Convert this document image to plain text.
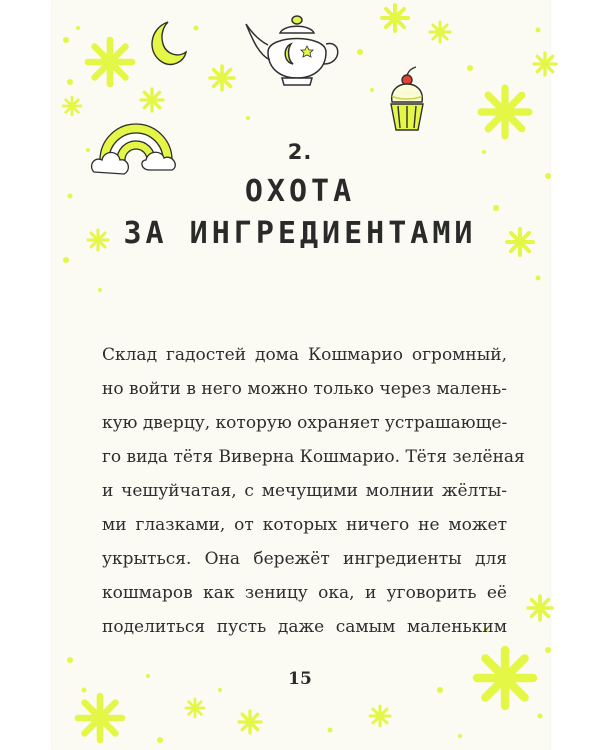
2.
ОХОТА
ЗА ИНГРЕДИЕНТАМИ
Склад гадостей дома Кошмарио огромный,
но войти в него можно только через малень-
кую дверцу, которую охраняет устрашающе-
го вида тётя Виверна Кошмарио. Тётя зелёная
и чешуйчатая, с мечущими молнии жёлты-
ми глазками, от которых ничего не может
укрыться. Она бережёт ингредиенты для
кошмаров как зеницу ока, и уговорить её
поделиться пусть даже самым маленьким
15
